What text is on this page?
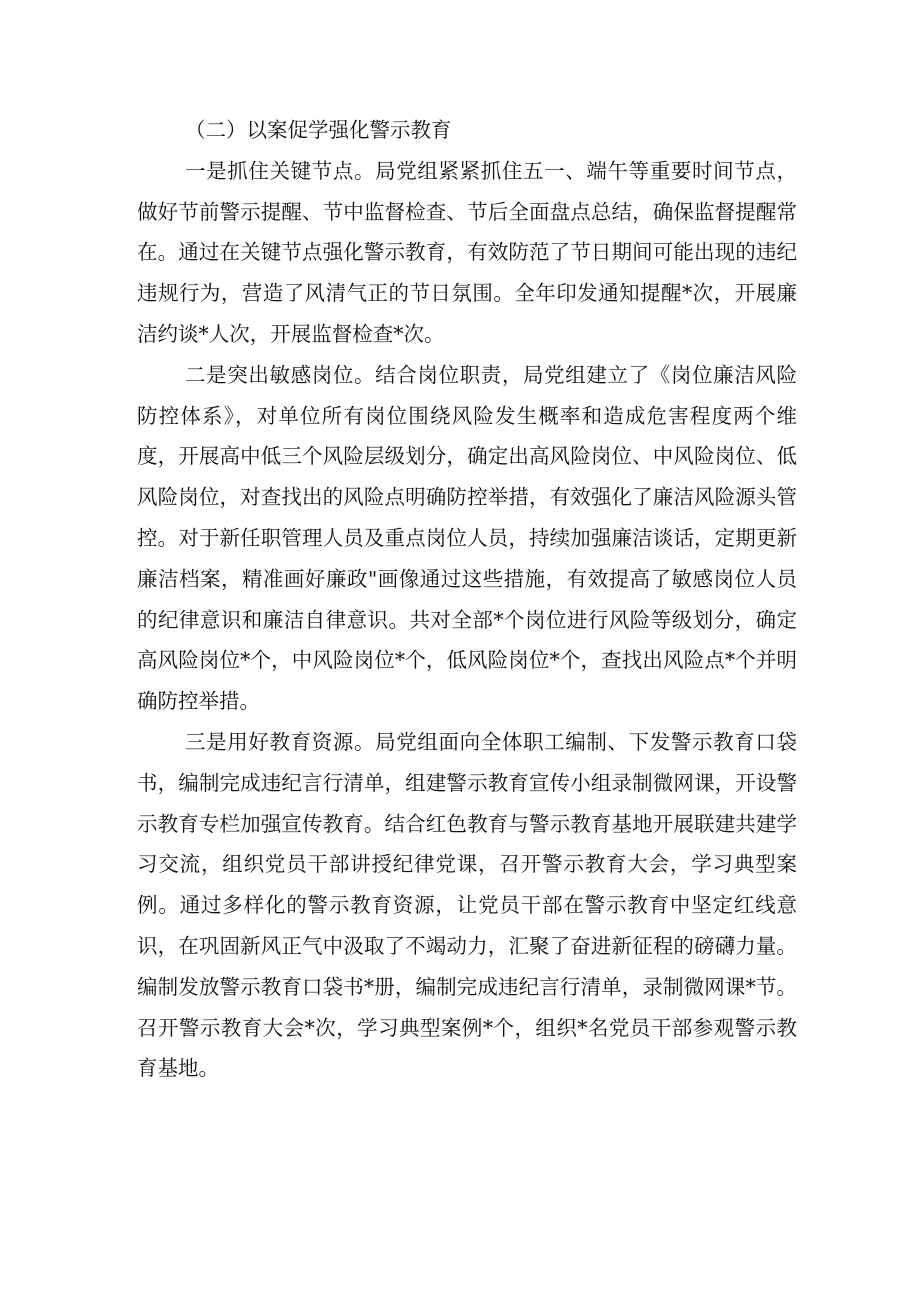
（二）以案促学强化警示教育

一是抓住关键节点。局党组紧紧抓住五一、端午等重要时间节点，做好节前警示提醒、节中监督检查、节后全面盘点总结，确保监督提醒常在。通过在关键节点强化警示教育，有效防范了节日期间可能出现的违纪违规行为，营造了风清气正的节日氛围。全年印发通知提醒*次，开展廉洁约谈*人次，开展监督检查*次。

二是突出敏感岗位。结合岗位职责，局党组建立了《岗位廉洁风险防控体系》，对单位所有岗位围绕风险发生概率和造成危害程度两个维度，开展高中低三个风险层级划分，确定出高风险岗位、中风险岗位、低风险岗位，对查找出的风险点明确防控举措，有效强化了廉洁风险源头管控。对于新任职管理人员及重点岗位人员，持续加强廉洁谈话，定期更新廉洁档案，精准画好廉政"画像通过这些措施，有效提高了敏感岗位人员的纪律意识和廉洁自律意识。共对全部*个岗位进行风险等级划分，确定高风险岗位*个，中风险岗位*个，低风险岗位*个，查找出风险点*个并明确防控举措。

三是用好教育资源。局党组面向全体职工编制、下发警示教育口袋书，编制完成违纪言行清单，组建警示教育宣传小组录制微网课，开设警示教育专栏加强宣传教育。结合红色教育与警示教育基地开展联建共建学习交流，组织党员干部讲授纪律党课，召开警示教育大会，学习典型案例。通过多样化的警示教育资源，让党员干部在警示教育中坚定红线意识，在巩固新风正气中汲取了不竭动力，汇聚了奋进新征程的磅礴力量。编制发放警示教育口袋书*册，编制完成违纪言行清单，录制微网课*节。召开警示教育大会*次，学习典型案例*个，组织*名党员干部参观警示教育基地。
